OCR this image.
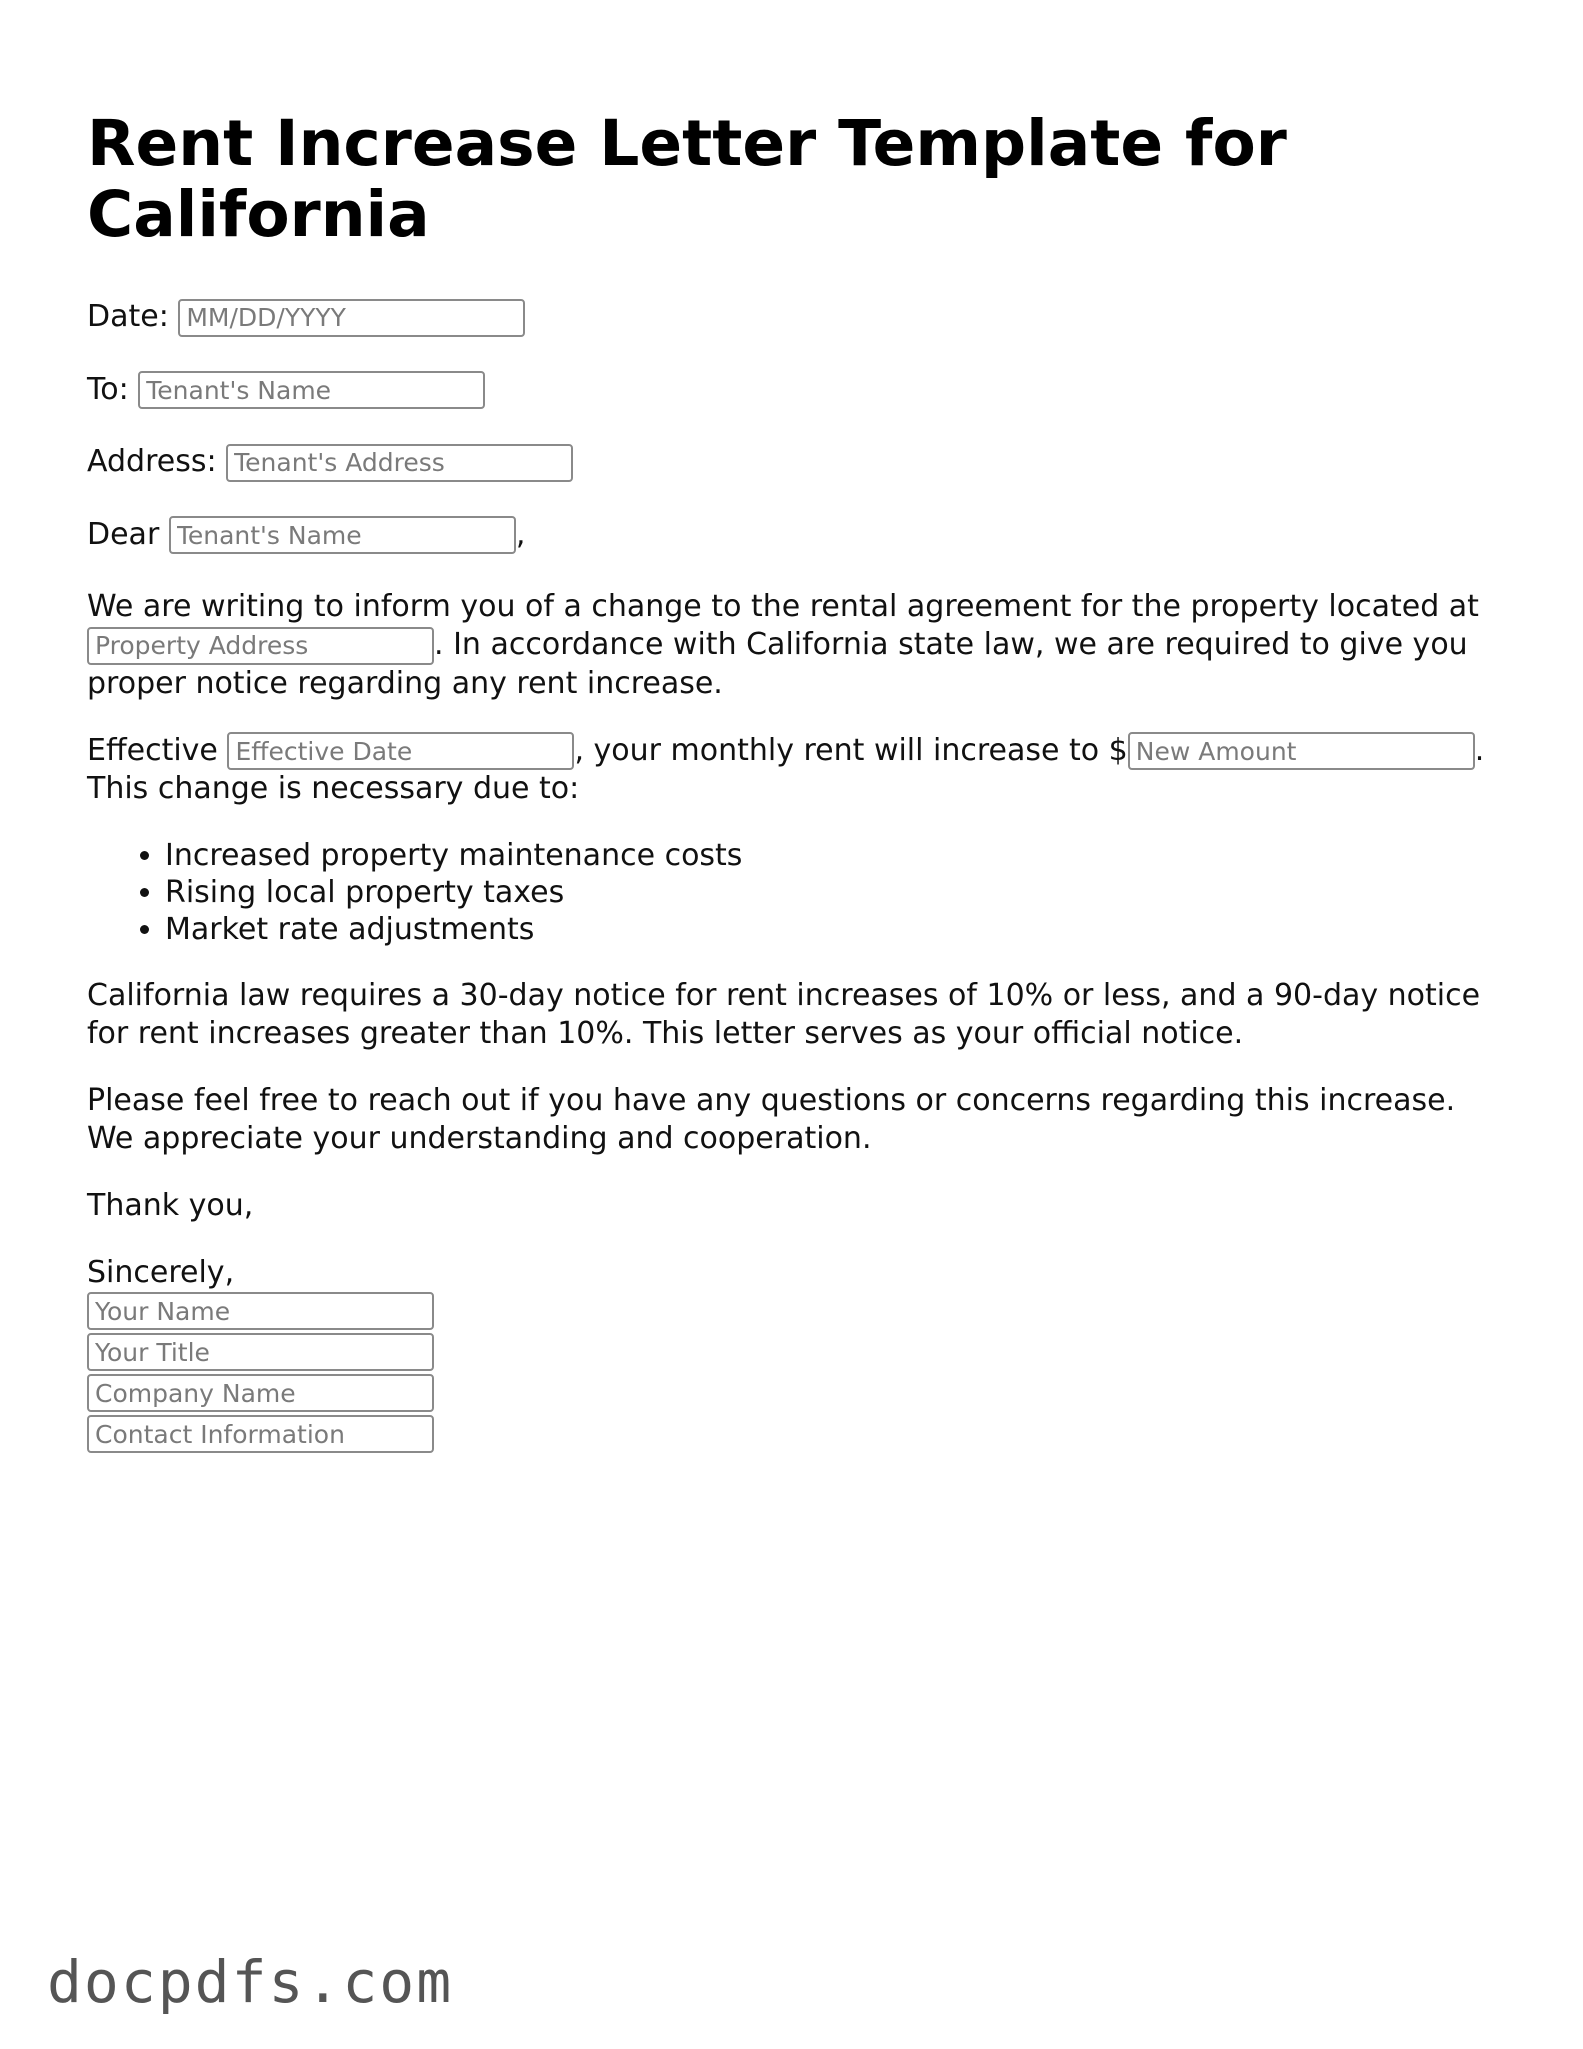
Rent Increase Letter Template for California

Date: MM/DD/YYYY

To: Tenant's Name

Address: Tenant's Address

Dear Tenant's Name	,

We are writing to inform you of a change to the rental agreement for the property located at Property Address. In accordance with California state law, we are required to give you proper notice regarding any rent increase.

Effective Effective Date	, your monthly rent will increase to $New Amount	. This change is necessary due to:

• Increased property maintenance costs
• Rising local property taxes
• Market rate adjustments

California law requires a 30-day notice for rent increases of 10% or less, and a 90-day notice for rent increases greater than 10%. This letter serves as your official notice.

Please feel free to reach out if you have any questions or concerns regarding this increase. We appreciate your understanding and cooperation.

Thank you,

Sincerely,

Your Name
Your Title
Company Name
Contact Information
docpdfs.com
